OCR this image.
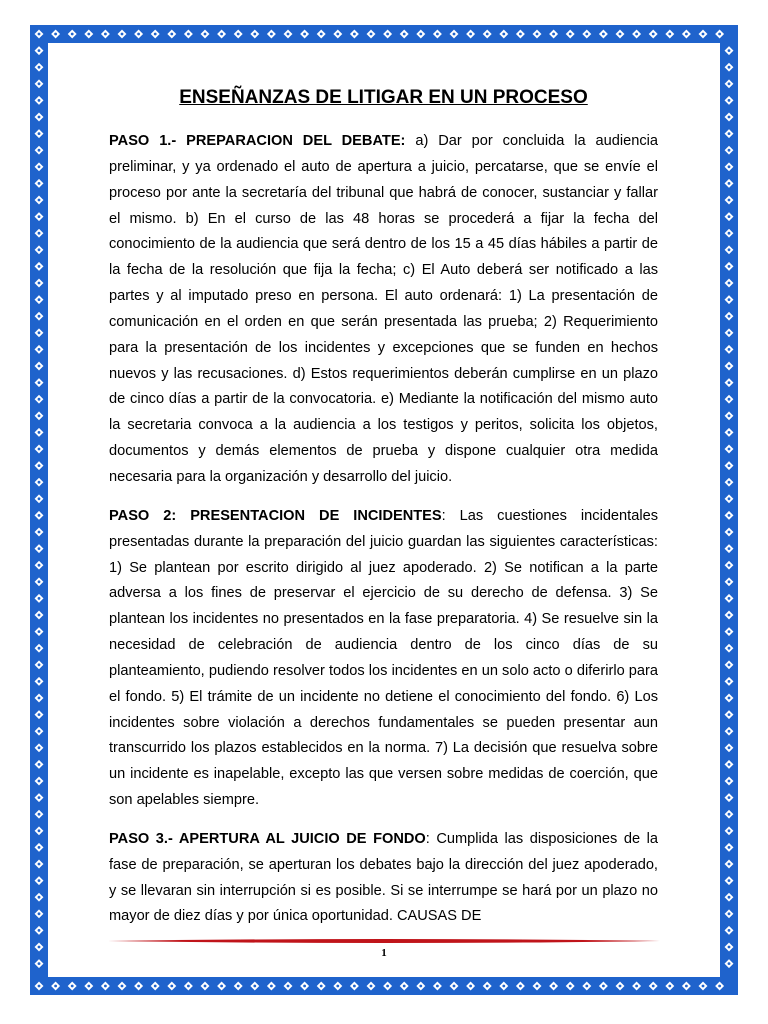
ENSEÑANZAS DE LITIGAR EN UN PROCESO

PASO 1.- PREPARACION DEL DEBATE: a) Dar por concluida la audiencia preliminar, y ya ordenado el auto de apertura a juicio, percatarse, que se envíe el proceso por ante la secretaría del tribunal que habrá de conocer, sustanciar y fallar el mismo. b) En el curso de las 48 horas se procederá a fijar la fecha del conocimiento de la audiencia que será dentro de los 15 a 45 días hábiles a partir de la fecha de la resolución que fija la fecha; c) El Auto deberá ser notificado a las partes y al imputado preso en persona. El auto ordenará: 1) La presentación de comunicación en el orden en que serán presentada las prueba; 2) Requerimiento para la presentación de los incidentes y excepciones que se funden en hechos nuevos y las recusaciones. d) Estos requerimientos deberán cumplirse en un plazo de cinco días a partir de la convocatoria. e) Mediante la notificación del mismo auto la secretaria convoca a la audiencia a los testigos y peritos, solicita los objetos, documentos y demás elementos de prueba y dispone cualquier otra medida necesaria para la organización y desarrollo del juicio.

PASO 2: PRESENTACION DE INCIDENTES: Las cuestiones incidentales presentadas durante la preparación del juicio guardan las siguientes características: 1) Se plantean por escrito dirigido al juez apoderado. 2) Se notifican a la parte adversa a los fines de preservar el ejercicio de su derecho de defensa. 3) Se plantean los incidentes no presentados en la fase preparatoria. 4) Se resuelve sin la necesidad de celebración de audiencia dentro de los cinco días de su planteamiento, pudiendo resolver todos los incidentes en un solo acto o diferirlo para el fondo. 5) El trámite de un incidente no detiene el conocimiento del fondo. 6) Los incidentes sobre violación a derechos fundamentales se pueden presentar aun transcurrido los plazos establecidos en la norma. 7) La decisión que resuelva sobre un incidente es inapelable, excepto las que versen sobre medidas de coerción, que son apelables siempre.

PASO 3.- APERTURA AL JUICIO DE FONDO: Cumplida las disposiciones de la fase de preparación, se aperturan los debates bajo la dirección del juez apoderado, y se llevaran sin interrupción si es posible. Si se interrumpe se hará por un plazo no mayor de diez días y por única oportunidad. CAUSAS DE

1
